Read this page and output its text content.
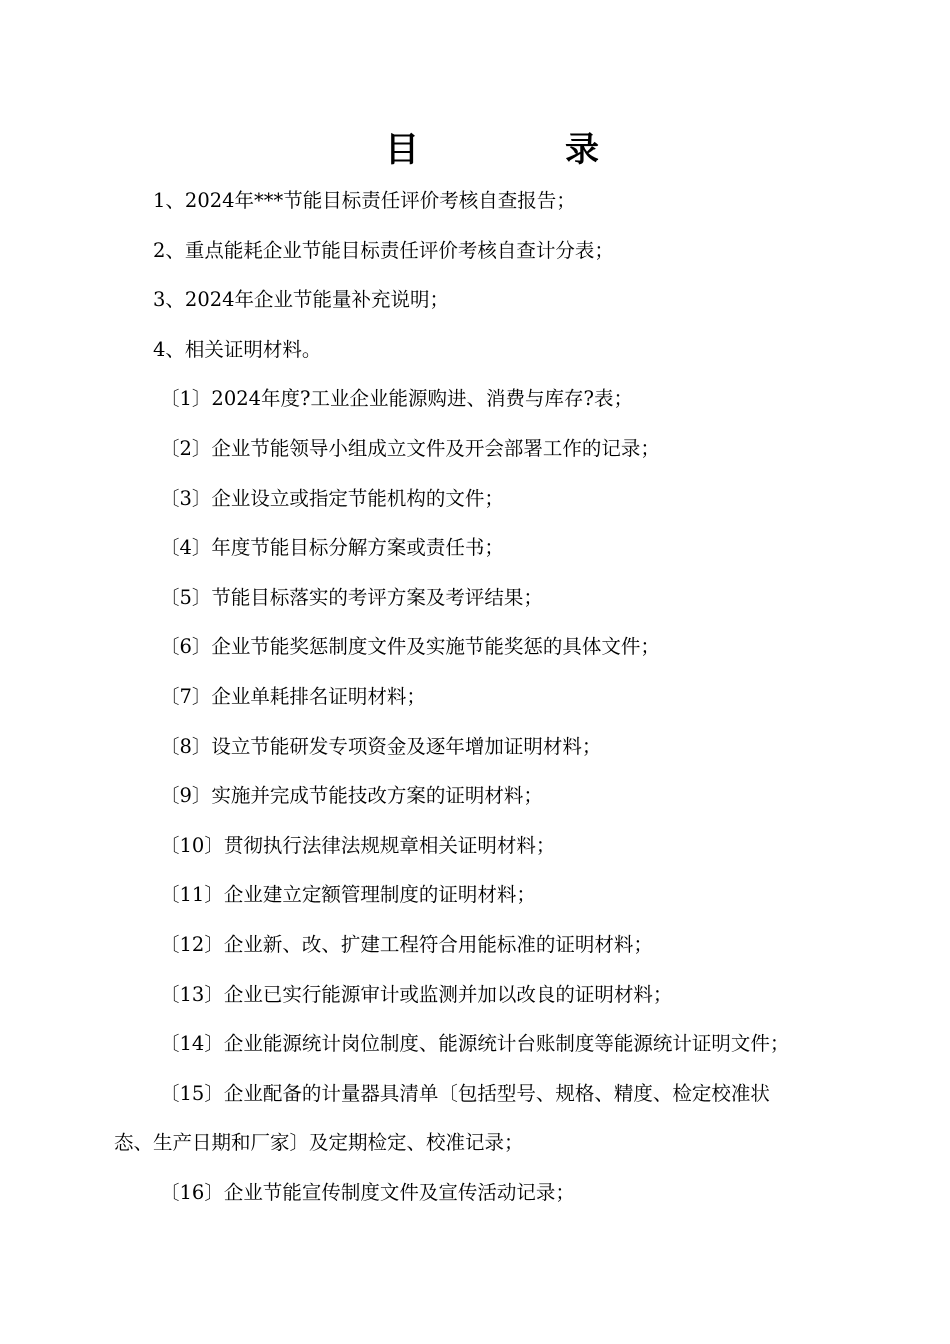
目　录
1、2024年***节能目标责任评价考核自查报告；
2、重点能耗企业节能目标责任评价考核自查计分表；
3、2024年企业节能量补充说明；
4、相关证明材料。
〔1〕2024年度?工业企业能源购进、消费与库存?表；
〔2〕企业节能领导小组成立文件及开会部署工作的记录；
〔3〕企业设立或指定节能机构的文件；
〔4〕年度节能目标分解方案或责任书；
〔5〕节能目标落实的考评方案及考评结果；
〔6〕企业节能奖惩制度文件及实施节能奖惩的具体文件；
〔7〕企业单耗排名证明材料；
〔8〕设立节能研发专项资金及逐年增加证明材料；
〔9〕实施并完成节能技改方案的证明材料；
〔10〕贯彻执行法律法规规章相关证明材料；
〔11〕企业建立定额管理制度的证明材料；
〔12〕企业新、改、扩建工程符合用能标准的证明材料；
〔13〕企业已实行能源审计或监测并加以改良的证明材料；
〔14〕企业能源统计岗位制度、能源统计台账制度等能源统计证明文件；
〔15〕企业配备的计量器具清单〔包括型号、规格、精度、检定校准状
态、生产日期和厂家〕及定期检定、校准记录；
〔16〕企业节能宣传制度文件及宣传活动记录；
